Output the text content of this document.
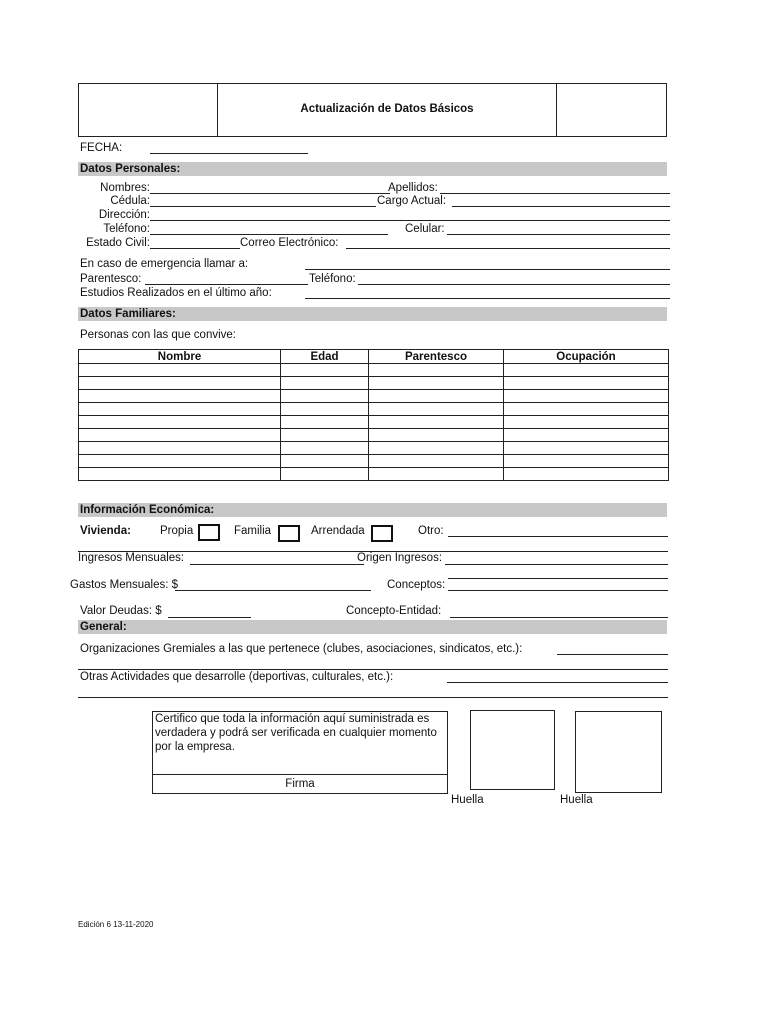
Actualización de Datos Básicos
FECHA:
Datos Personales:
Nombres:	Apellidos:
Cédula:	Cargo Actual:
Dirección:
Teléfono:	Celular:
Estado Civil:	Correo Electrónico:
En caso de emergencia llamar a:
Parentesco:	Teléfono:
Estudios Realizados en el último año:
Datos Familiares:
Personas con las que convive:
Nombre	Edad	Parentesco	Ocupación

Información Económica:
Vivienda:	Propia	Familia	Arrendada	Otro:
Ingresos Mensuales:	Origen Ingresos:
Gastos Mensuales: $	Conceptos:
Valor Deudas: $	Concepto-Entidad:
General:
Organizaciones Gremiales a las que pertenece (clubes, asociaciones, sindicatos, etc.):
Otras Actividades que desarrolle (deportivas, culturales, etc.):
Certifico que toda la información aquí suministrada es verdadera y podrá ser verificada en cualquier momento por la empresa.
Firma
Huella	Huella
Edición 6 13-11-2020
